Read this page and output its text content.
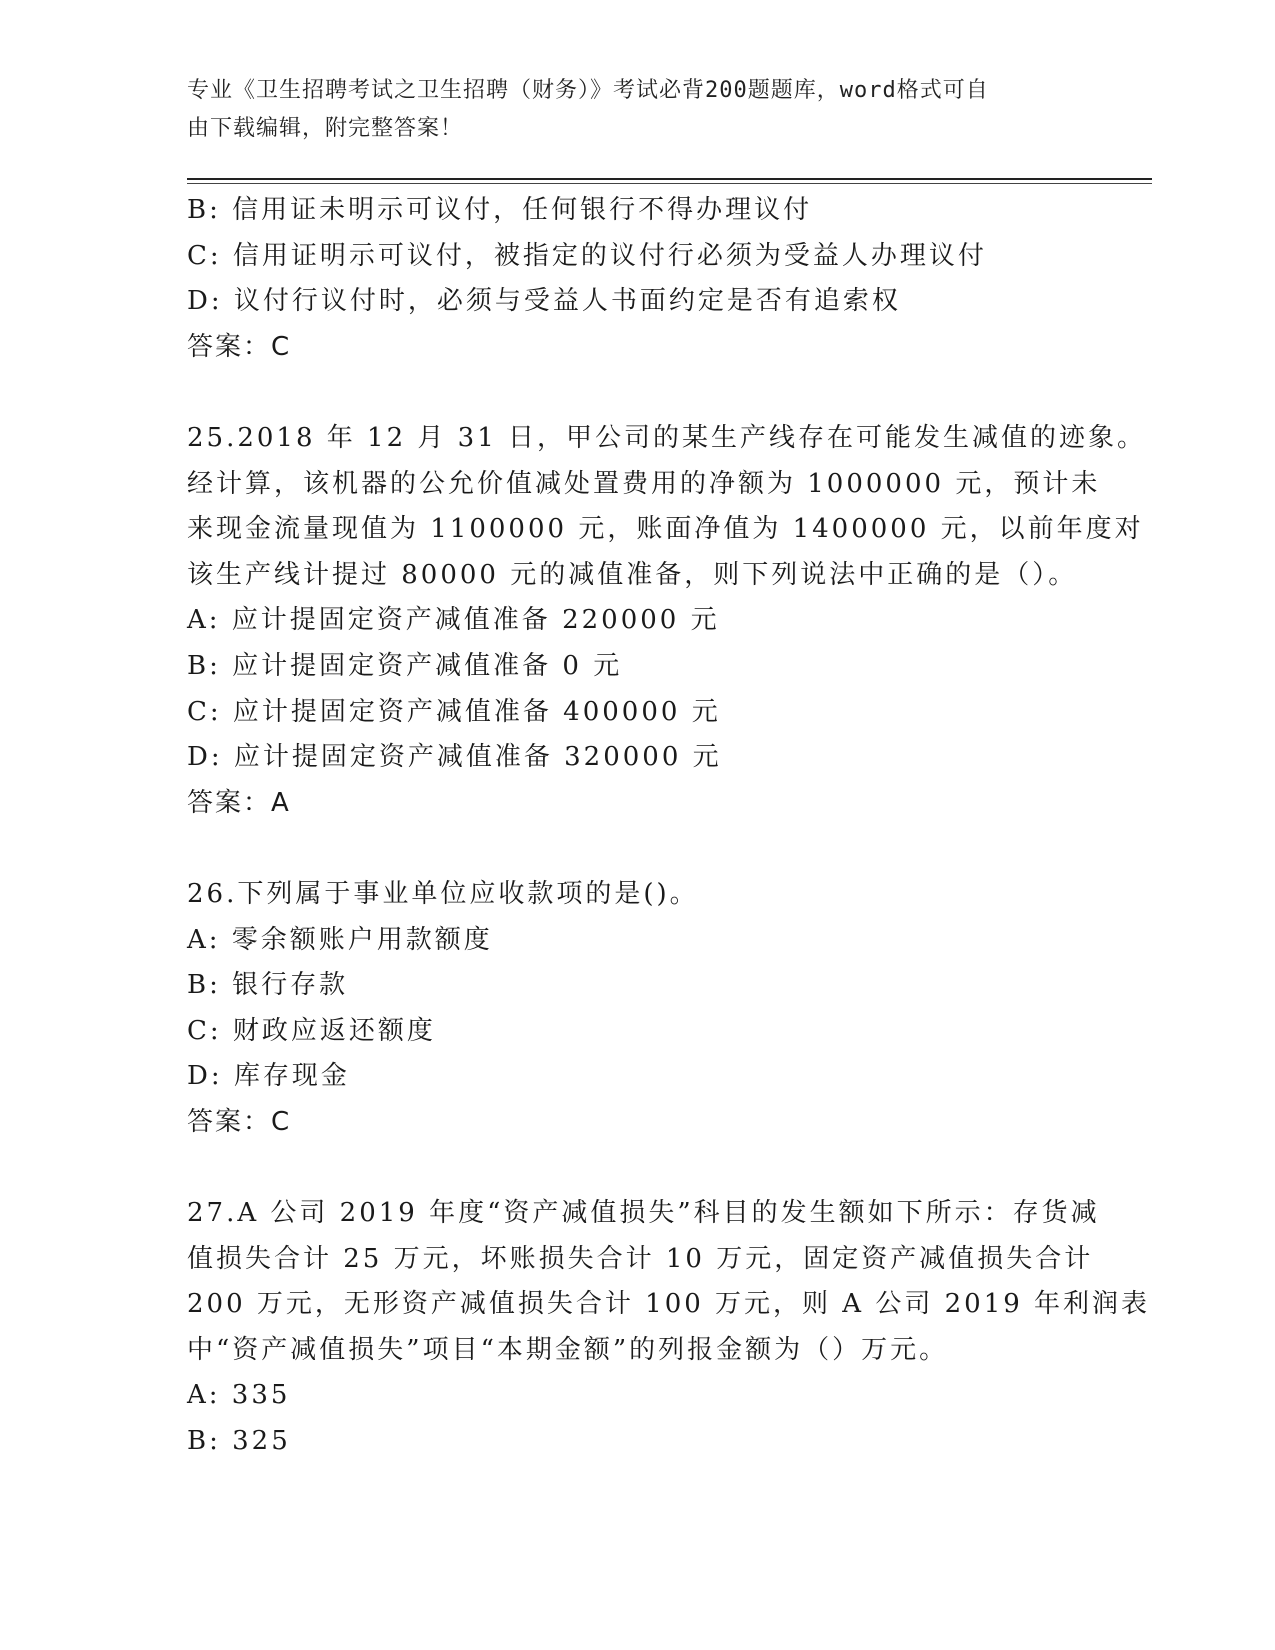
专业《卫生招聘考试之卫生招聘（财务）》考试必背200题题库，word格式可自
由下载编辑，附完整答案！
B: 信用证未明示可议付，任何银行不得办理议付
C: 信用证明示可议付，被指定的议付行必须为受益人办理议付
D: 议付行议付时，必须与受益人书面约定是否有追索权
答案：C
25.2018 年 12 月 31 日，甲公司的某生产线存在可能发生减值的迹象。
经计算，该机器的公允价值减处置费用的净额为 1000000 元，预计未
来现金流量现值为 1100000 元，账面净值为 1400000 元，以前年度对
该生产线计提过 80000 元的减值准备，则下列说法中正确的是（）。
A: 应计提固定资产减值准备 220000 元
B: 应计提固定资产减值准备 0 元
C: 应计提固定资产减值准备 400000 元
D: 应计提固定资产减值准备 320000 元
答案：A
26.下列属于事业单位应收款项的是()。
A: 零余额账户用款额度
B: 银行存款
C: 财政应返还额度
D: 库存现金
答案：C
27.A 公司 2019 年度“资产减值损失”科目的发生额如下所示：存货减
值损失合计 25 万元，坏账损失合计 10 万元，固定资产减值损失合计
200 万元，无形资产减值损失合计 100 万元，则 A 公司 2019 年利润表
中“资产减值损失”项目“本期金额”的列报金额为（）万元。
A: 335
B: 325
